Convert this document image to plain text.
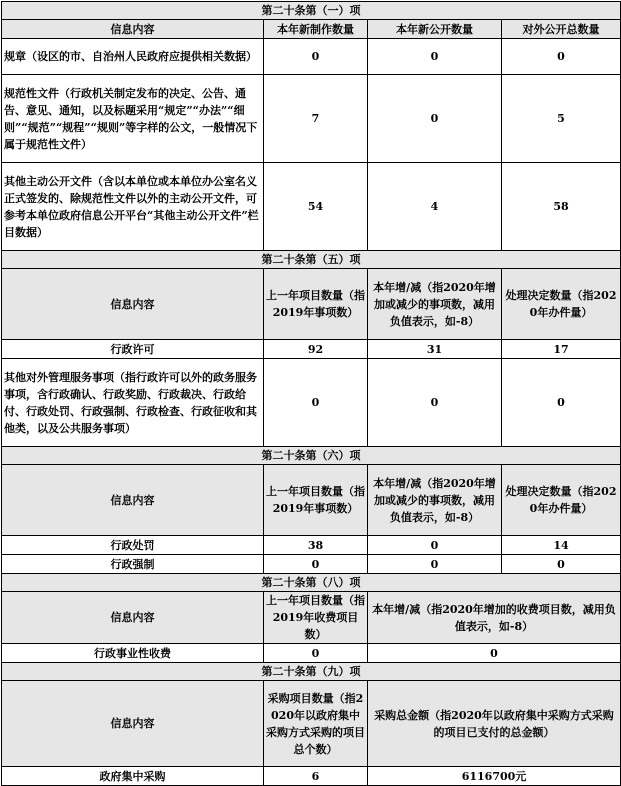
第二十条第（一）项			
信息内容	本年新制作数量	本年新公开数量	对外公开总数量
规章（设区的市、自治州人民政府应提供相关数据）	0	0	0
规范性文件（行政机关制定发布的决定、公告、通告、意见、通知，以及标题采用“规定”“办法”“细则”“规范”“规程”“规则”等字样的公文，一般情况下属于规范性文件）	7	0	5
其他主动公开文件（含以本单位或本单位办公室名义正式签发的、除规范性文件以外的主动公开文件，可参考本单位政府信息公开平台“其他主动公开文件”栏目数据）	54	4	58
第二十条第（五）项			
信息内容	上一年项目数量（指2019年事项数）	本年增/减（指2020年增加或减少的事项数，减用负值表示，如-8）	处理决定数量（指2020年办件量）
行政许可	92	31	17
其他对外管理服务事项（指行政许可以外的政务服务事项，含行政确认、行政奖励、行政裁决、行政给付、行政处罚、行政强制、行政检查、行政征收和其他类，以及公共服务事项）	0	0	0
第二十条第（六）项			
信息内容	上一年项目数量（指2019年事项数）	本年增/减（指2020年增加或减少的事项数，减用负值表示，如-8）	处理决定数量（指2020年办件量）
行政处罚	38	0	14
行政强制	0	0	0
第二十条第（八）项			
信息内容	上一年项目数量（指2019年收费项目数）	本年增/减（指2020年增加的收费项目数，减用负值表示，如-8）	
行政事业性收费	0	0	
第二十条第（九）项			
信息内容	采购项目数量（指2020年以政府集中采购方式采购的项目总个数）	采购总金额（指2020年以政府集中采购方式采购的项目已支付的总金额）	
政府集中采购	6	6116700元	
